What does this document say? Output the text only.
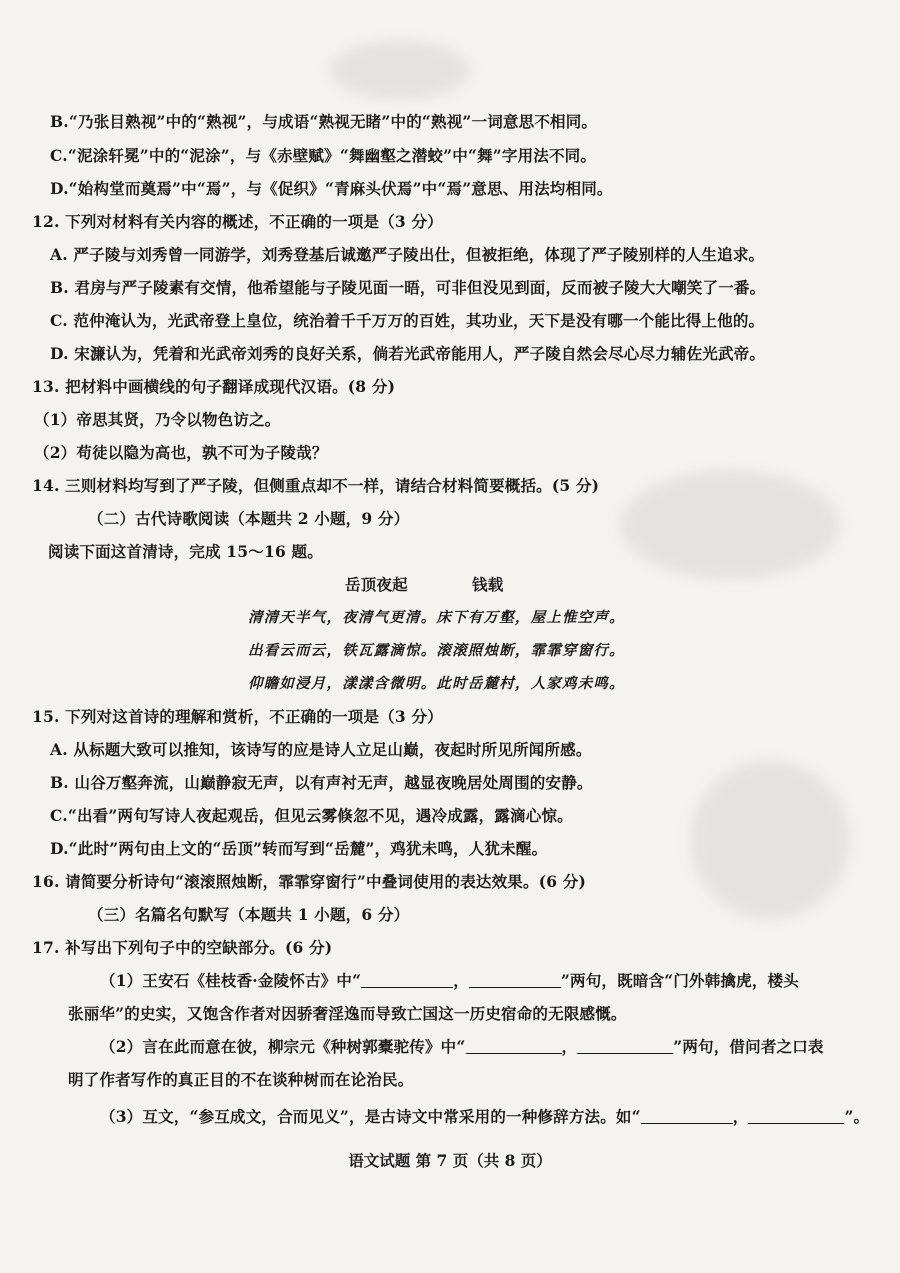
B.“乃张目熟视”中的“熟视”，与成语“熟视无睹”中的“熟视”一词意思不相同。
C.“泥涂轩冕”中的“泥涂”，与《赤壁赋》“舞幽壑之潜蛟”中“舞”字用法不同。
D.“始构堂而奠焉”中“焉”，与《促织》“青麻头伏焉”中“焉”意思、用法均相同。
12. 下列对材料有关内容的概述，不正确的一项是（3 分）
A. 严子陵与刘秀曾一同游学，刘秀登基后诚邀严子陵出仕，但被拒绝，体现了严子陵别样的人生追求。
B. 君房与严子陵素有交情，他希望能与子陵见面一晤，可非但没见到面，反而被子陵大大嘲笑了一番。
C. 范仲淹认为，光武帝登上皇位，统治着千千万万的百姓，其功业，天下是没有哪一个能比得上他的。
D. 宋濂认为，凭着和光武帝刘秀的良好关系，倘若光武帝能用人，严子陵自然会尽心尽力辅佐光武帝。
13. 把材料中画横线的句子翻译成现代汉语。(8 分)
（1）帝思其贤，乃令以物色访之。
（2）苟徒以隐为高也，孰不可为子陵哉？
14. 三则材料均写到了严子陵，但侧重点却不一样，请结合材料简要概括。(5 分)
（二）古代诗歌阅读（本题共 2 小题，9 分）
阅读下面这首清诗，完成 15～16 题。
岳顶夜起	钱载
清清天半气，夜清气更清。床下有万壑，屋上惟空声。
出看云而云，铁瓦露滴惊。滚滚照烛断，霏霏穿窗行。
仰瞻如浸月，漾漾含微明。此时岳麓村，人家鸡未鸣。
15. 下列对这首诗的理解和赏析，不正确的一项是（3 分）
A. 从标题大致可以推知，该诗写的应是诗人立足山巅，夜起时所见所闻所感。
B. 山谷万壑奔流，山巅静寂无声，以有声衬无声，越显夜晚居处周围的安静。
C.“出看”两句写诗人夜起观岳，但见云雾倏忽不见，遇冷成露，露滴心惊。
D.“此时”两句由上文的“岳顶”转而写到“岳麓”，鸡犹未鸣，人犹未醒。
16. 请简要分析诗句“滚滚照烛断，霏霏穿窗行”中叠词使用的表达效果。(6 分)
（三）名篇名句默写（本题共 1 小题，6 分）
17. 补写出下列句子中的空缺部分。(6 分)
（1）王安石《桂枝香·金陵怀古》中“	，	”两句，既暗含“门外韩擒虎，楼头
张丽华”的史实，又饱含作者对因骄奢淫逸而导致亡国这一历史宿命的无限感慨。
（2）言在此而意在彼，柳宗元《种树郭橐驼传》中“	，	”两句，借问者之口表
明了作者写作的真正目的不在谈种树而在论治民。
（3）互文，“参互成文，合而见义”，是古诗文中常采用的一种修辞方法。如“	，	”。
语文试题 第 7 页（共 8 页）
